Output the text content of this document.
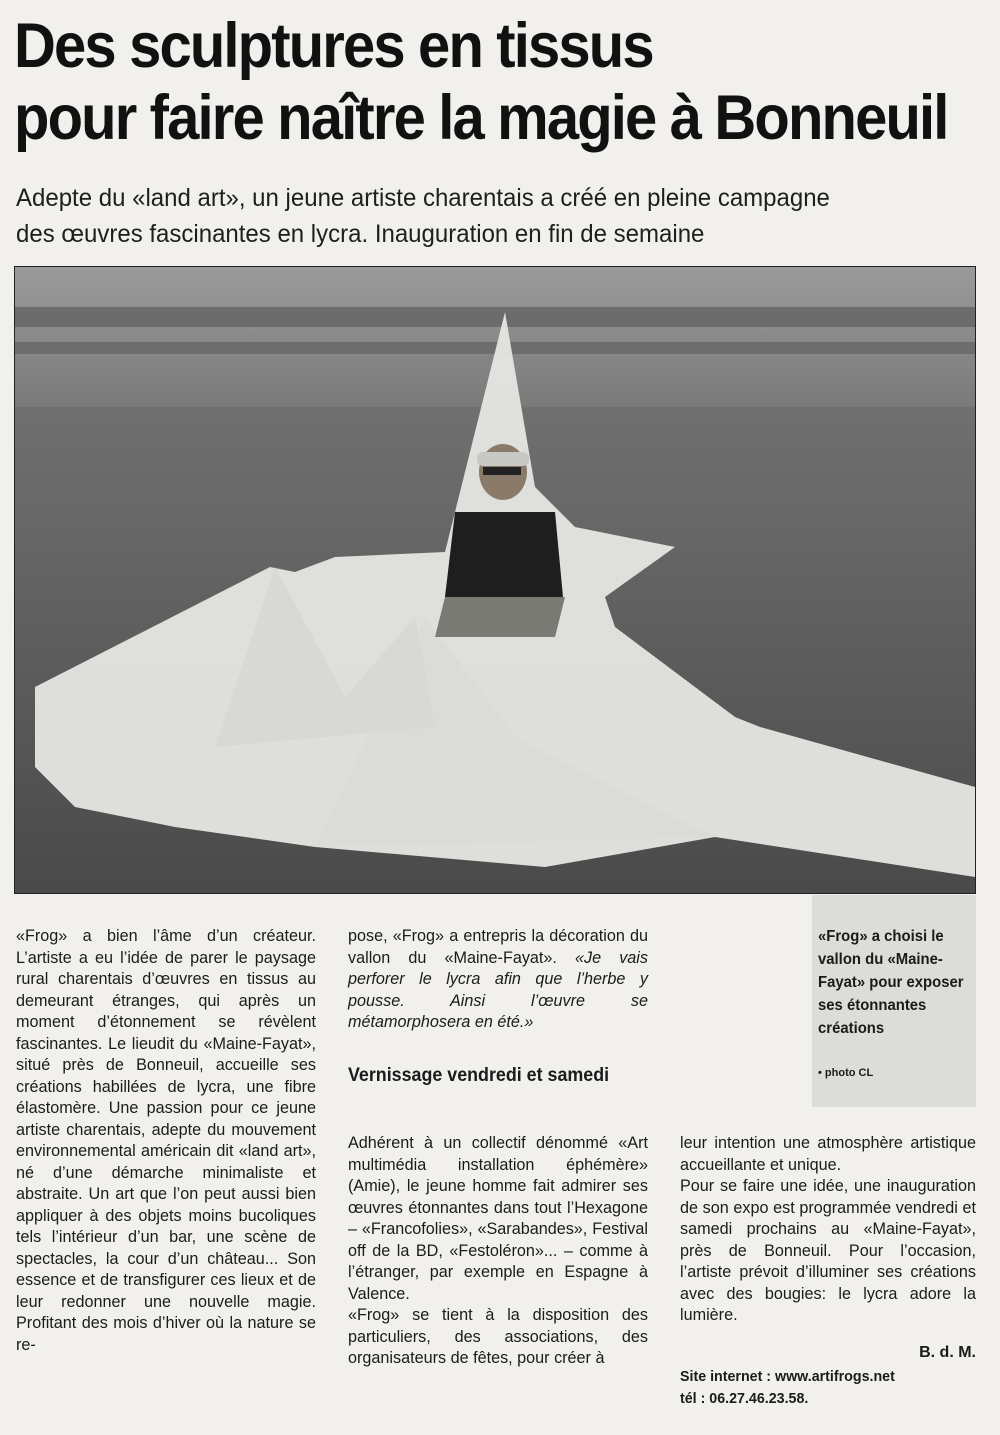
Des sculptures en tissus
pour faire naître la magie à Bonneuil
Adepte du «land art», un jeune artiste charentais a créé en pleine campagne
des œuvres fascinantes en lycra. Inauguration en fin de semaine

«Frog» a bien l’âme d’un créateur. L’artiste a eu l’idée de parer le paysage rural charentais d’œuvres en tissus au demeurant étranges, qui après un moment d’étonnement se révèlent fascinantes. Le lieudit du «Maine-Fayat», situé près de Bonneuil, accueille ses créations habillées de lycra, une fibre élastomère. Une passion pour ce jeune artiste charentais, adepte du mouvement environnemental américain dit «land art», né d’une démarche minimaliste et abstraite. Un art que l’on peut aussi bien appliquer à des objets moins bucoliques tels l’intérieur d’un bar, une scène de spectacles, la cour d’un château... Son essence et de transfigurer ces lieux et de leur redonner une nouvelle magie. Profitant des mois d’hiver où la nature se re-

pose, «Frog» a entrepris la décoration du vallon du «Maine-Fayat». «Je vais perforer le lycra afin que l’herbe y pousse. Ainsi l’œuvre se métamorphosera en été.»

Vernissage vendredi et samedi

Adhérent à un collectif dénommé «Art multimédia installation éphémère» (Amie), le jeune homme fait admirer ses œuvres étonnantes dans tout l’Hexagone – «Francofolies», «Sarabandes», Festival off de la BD, «Festoléron»... – comme à l’étranger, par exemple en Espagne à Valence.

«Frog» se tient à la disposition des particuliers, des associations, des organisateurs de fêtes, pour créer à

«Frog» a choisi le vallon du «Maine-Fayat» pour exposer ses étonnantes créations
• photo CL

leur intention une atmosphère artistique accueillante et unique.

Pour se faire une idée, une inauguration de son expo est programmée vendredi et samedi prochains au «Maine-Fayat», près de Bonneuil. Pour l’occasion, l’artiste prévoit d’illuminer ses créations avec des bougies: le lycra adore la lumière.

B. d. M.
Site internet : www.artifrogs.net
tél : 06.27.46.23.58.
